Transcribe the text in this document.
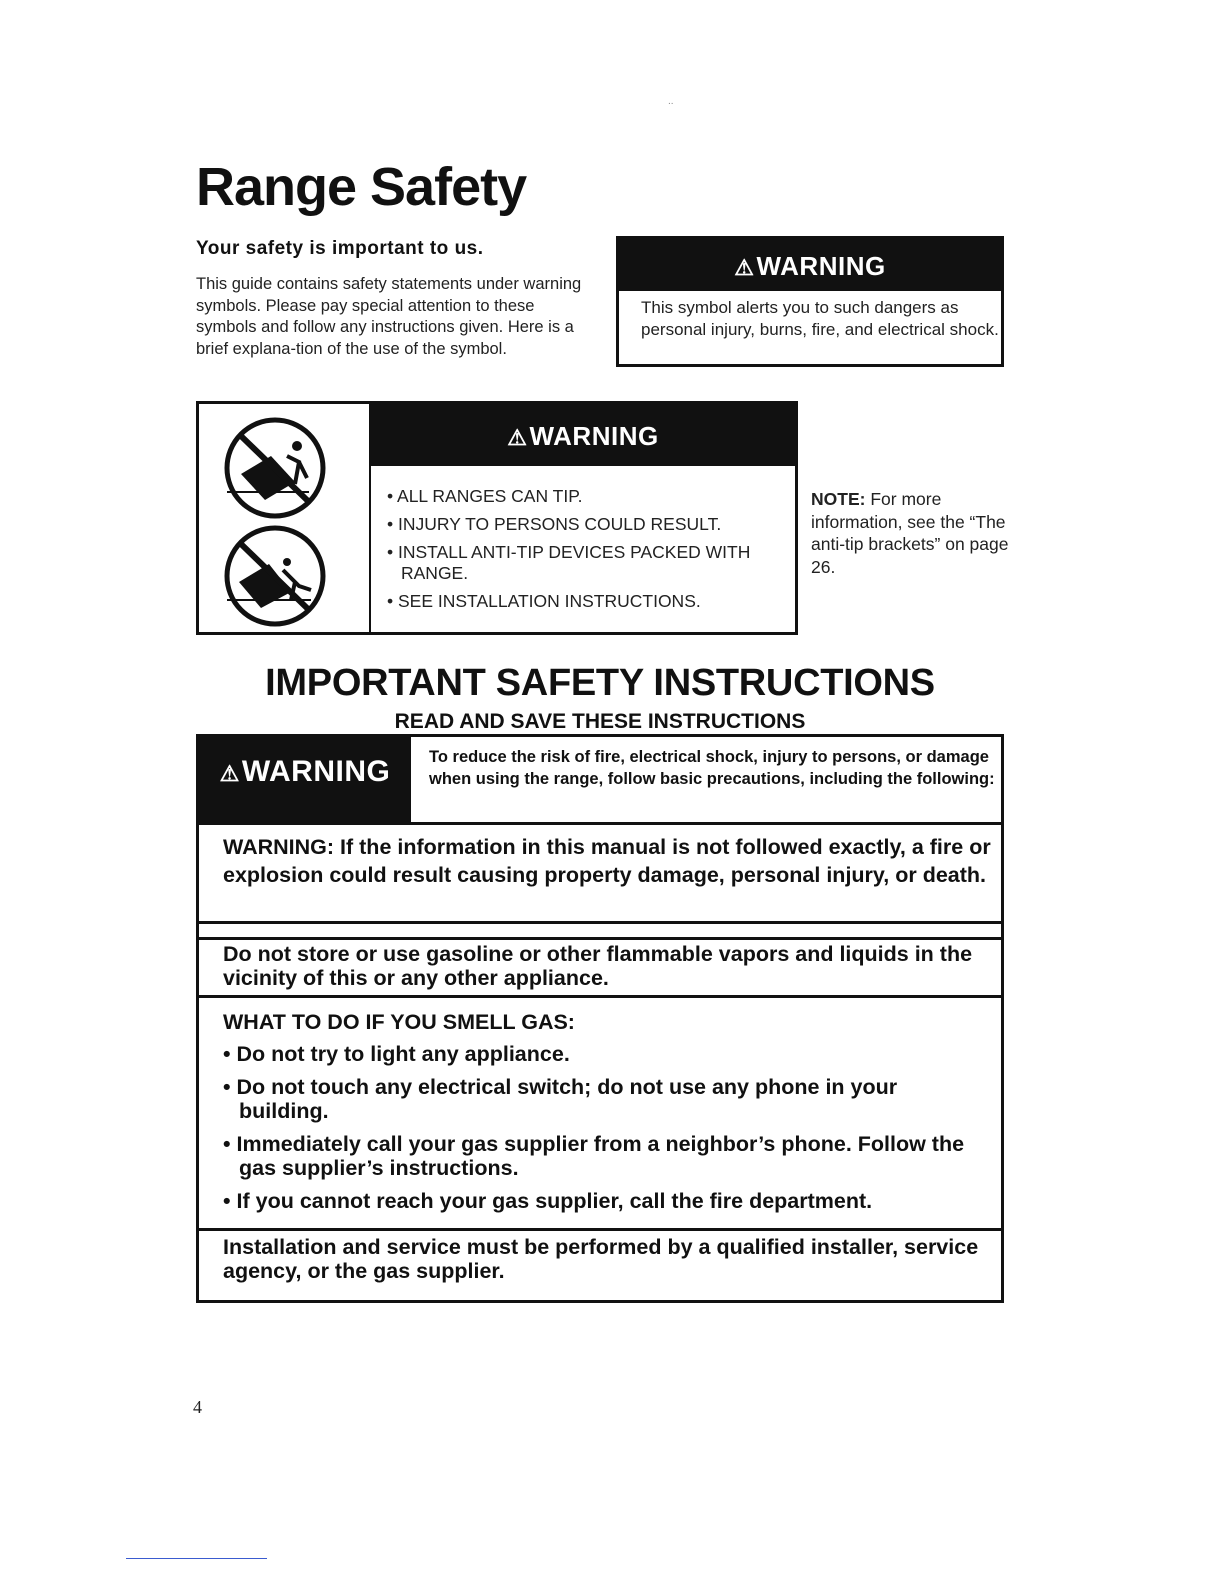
..
Range Safety
Your safety is important to us.
This guide contains safety statements under warning symbols. Please pay special attention to these symbols and follow any instructions given. Here is a brief explana-tion of the use of the symbol.
⚠WARNING
This symbol alerts you to such dangers as personal injury, burns, fire, and electrical shock.
⚠WARNING
• ALL RANGES CAN TIP.
• INJURY TO PERSONS COULD RESULT.
• INSTALL ANTI-TIP DEVICES PACKED WITH RANGE.
• SEE INSTALLATION INSTRUCTIONS.
NOTE: For more information, see the “The anti-tip brackets” on page 26.
IMPORTANT SAFETY INSTRUCTIONS
READ AND SAVE THESE INSTRUCTIONS
⚠WARNING	To reduce the risk of fire, electrical shock, injury to persons, or damage when using the range, follow basic precautions, including the following:
WARNING: If the information in this manual is not followed exactly, a fire or explosion could result causing property damage, personal injury, or death.
Do not store or use gasoline or other flammable vapors and liquids in the vicinity of this or any other appliance.
WHAT TO DO IF YOU SMELL GAS:
• Do not try to light any appliance.
• Do not touch any electrical switch; do not use any phone in your building.
• Immediately call your gas supplier from a neighbor’s phone. Follow the gas supplier’s instructions.
• If you cannot reach your gas supplier, call the fire department.
Installation and service must be performed by a qualified installer, service agency, or the gas supplier.
4
